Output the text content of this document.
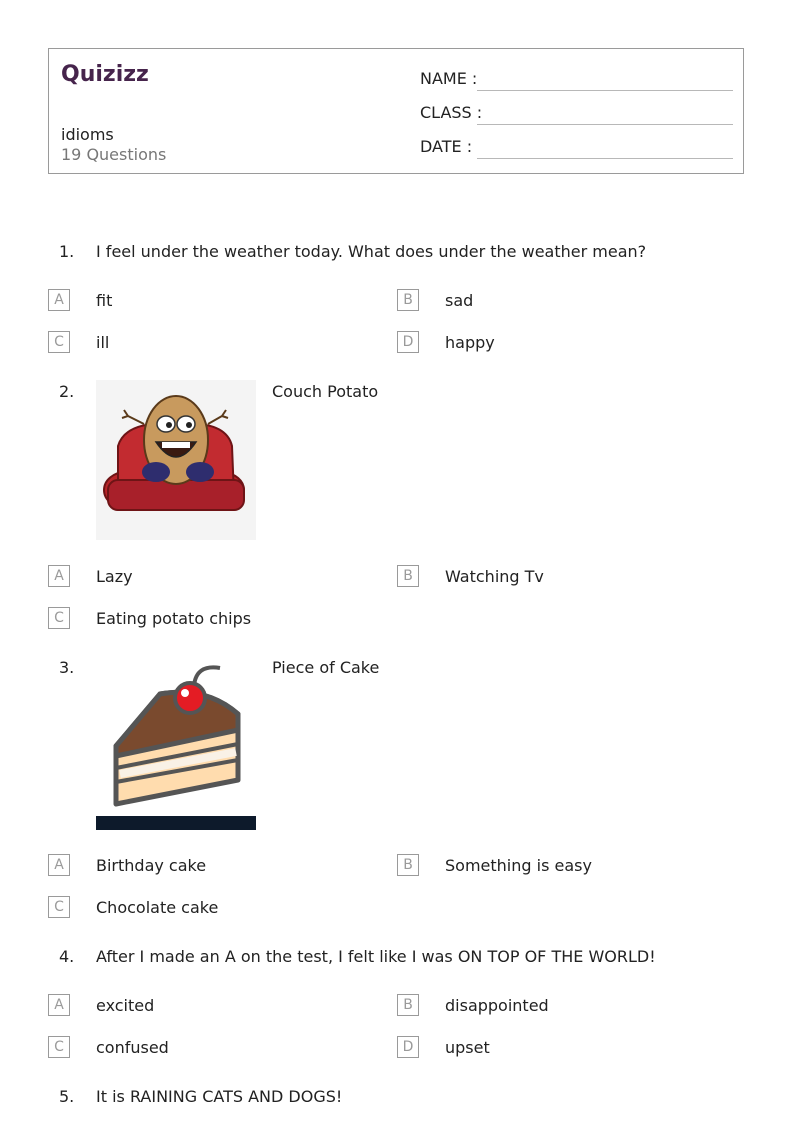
Quizizz
idioms
19 Questions
NAME :
CLASS :
DATE :
1. I feel under the weather today. What does under the weather mean?
A	fit	B	sad
C	ill	D	happy
2.	Couch Potato
A	Lazy	B	Watching Tv
C	Eating potato chips
3.	Piece of Cake
A	Birthday cake	B	Something is easy
C	Chocolate cake
4. After I made an A on the test, I felt like I was ON TOP OF THE WORLD!
A	excited	B	disappointed
C	confused	D	upset
5. It is RAINING CATS AND DOGS!
